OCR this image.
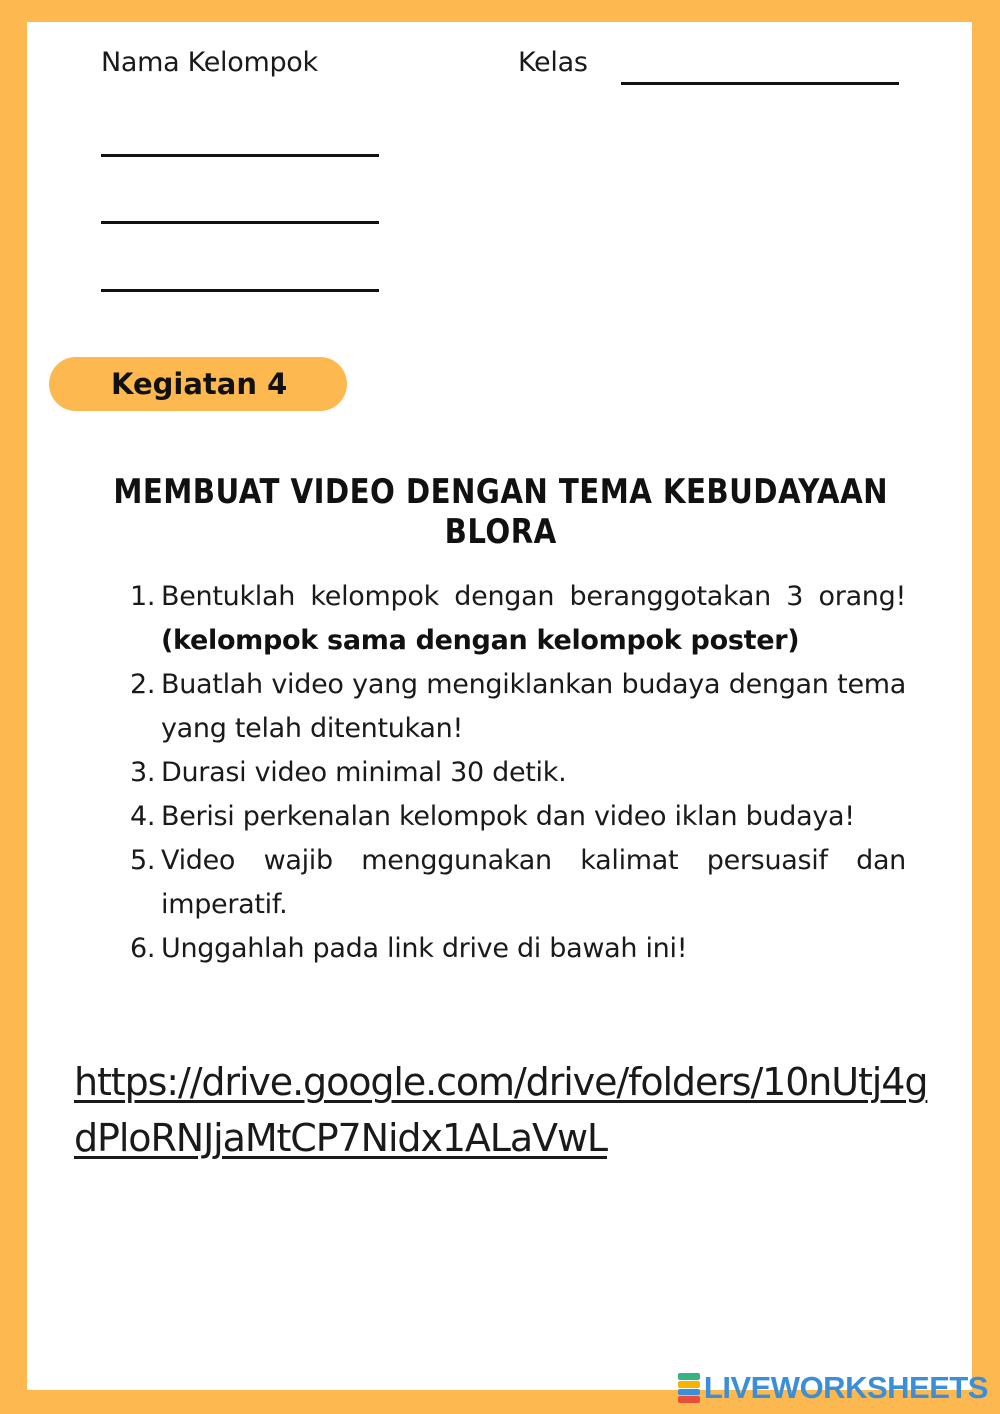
Nama Kelompok	Kelas
Kegiatan 4
MEMBUAT VIDEO DENGAN TEMA KEBUDAYAAN BLORA
1. Bentuklah kelompok dengan beranggotakan 3 orang! (kelompok sama dengan kelompok poster)
2. Buatlah video yang mengiklankan budaya dengan tema yang telah ditentukan!
3. Durasi video minimal 30 detik.
4. Berisi perkenalan kelompok dan video iklan budaya!
5. Video wajib menggunakan kalimat persuasif dan imperatif.
6. Unggahlah pada link drive di bawah ini!
https://drive.google.com/drive/folders/10nUtj4gdPloRNJjaMtCP7Nidx1ALaVwL
LIVEWORKSHEETS
